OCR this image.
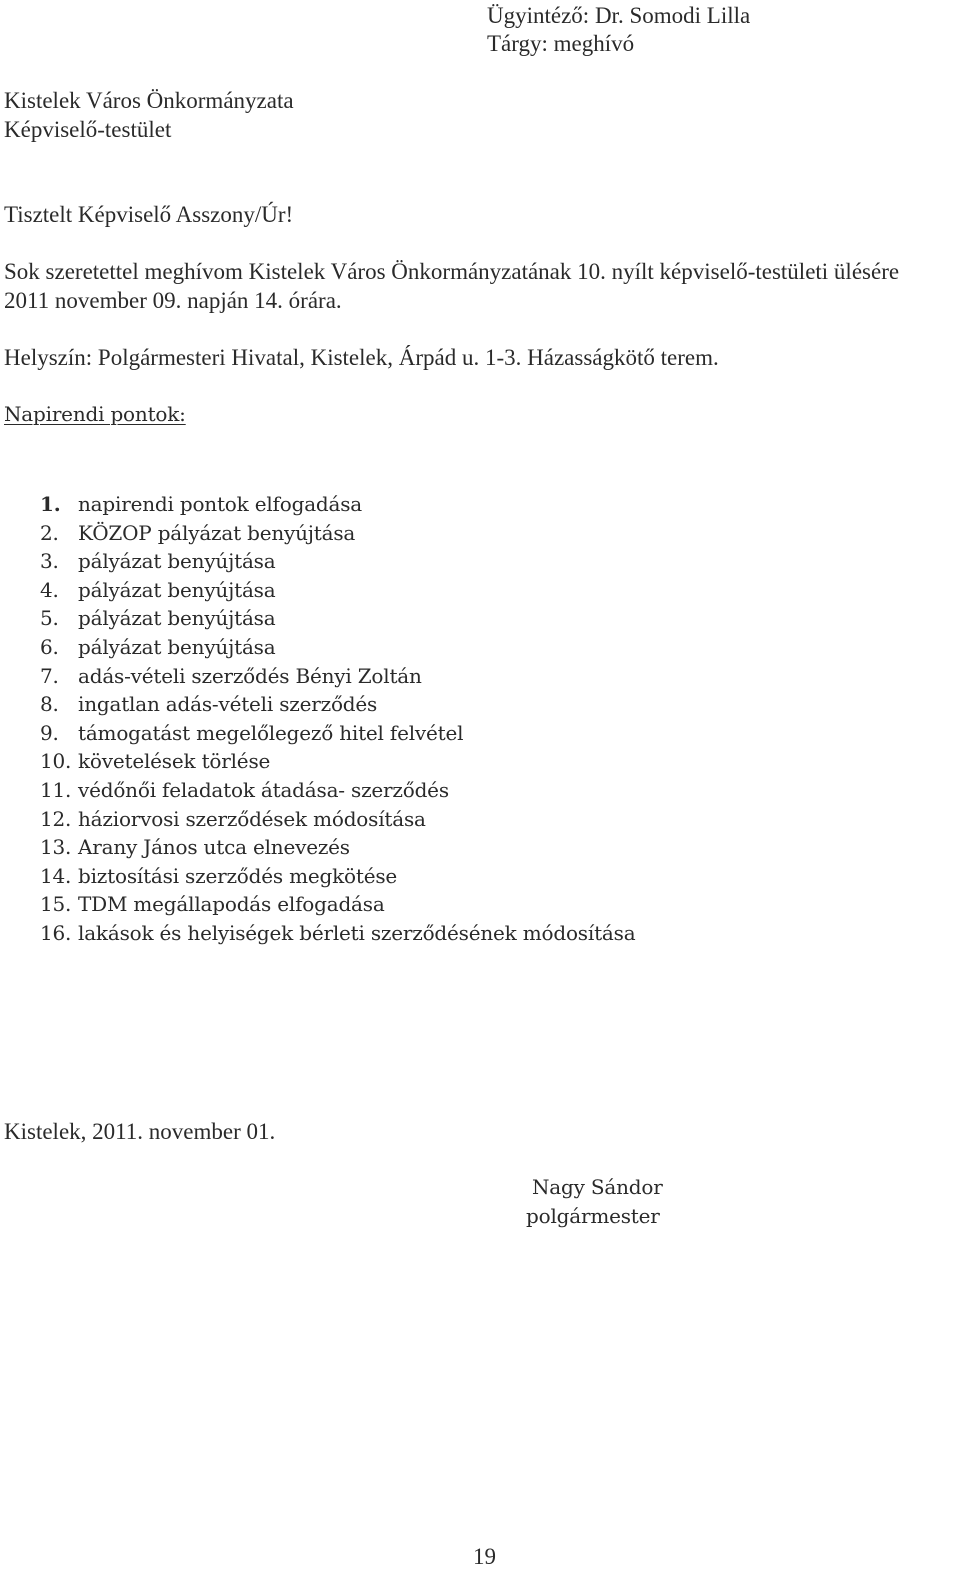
Ügyintéző: Dr. Somodi Lilla
Tárgy: meghívó
Kistelek Város Önkormányzata
Képviselő-testület
Tisztelt Képviselő Asszony/Úr!
Sok szeretettel meghívom Kistelek Város Önkormányzatának 10. nyílt képviselő-testületi ülésére
2011 november 09. napján 14. órára.
Helyszín: Polgármesteri Hivatal, Kistelek, Árpád u. 1-3. Házasságkötő terem.
Napirendi pontok:
1. napirendi pontok elfogadása
2. KÖZOP pályázat benyújtása
3. pályázat benyújtása
4. pályázat benyújtása
5. pályázat benyújtása
6. pályázat benyújtása
7. adás-vételi szerződés Bényi Zoltán
8. ingatlan adás-vételi szerződés
9. támogatást megelőlegező hitel felvétel
10. követelések törlése
11. védőnői feladatok átadása- szerződés
12. háziorvosi szerződések módosítása
13. Arany János utca elnevezés
14. biztosítási szerződés megkötése
15. TDM megállapodás elfogadása
16. lakások és helyiségek bérleti szerződésének módosítása
Kistelek, 2011. november 01.
Nagy Sándor
polgármester
19
